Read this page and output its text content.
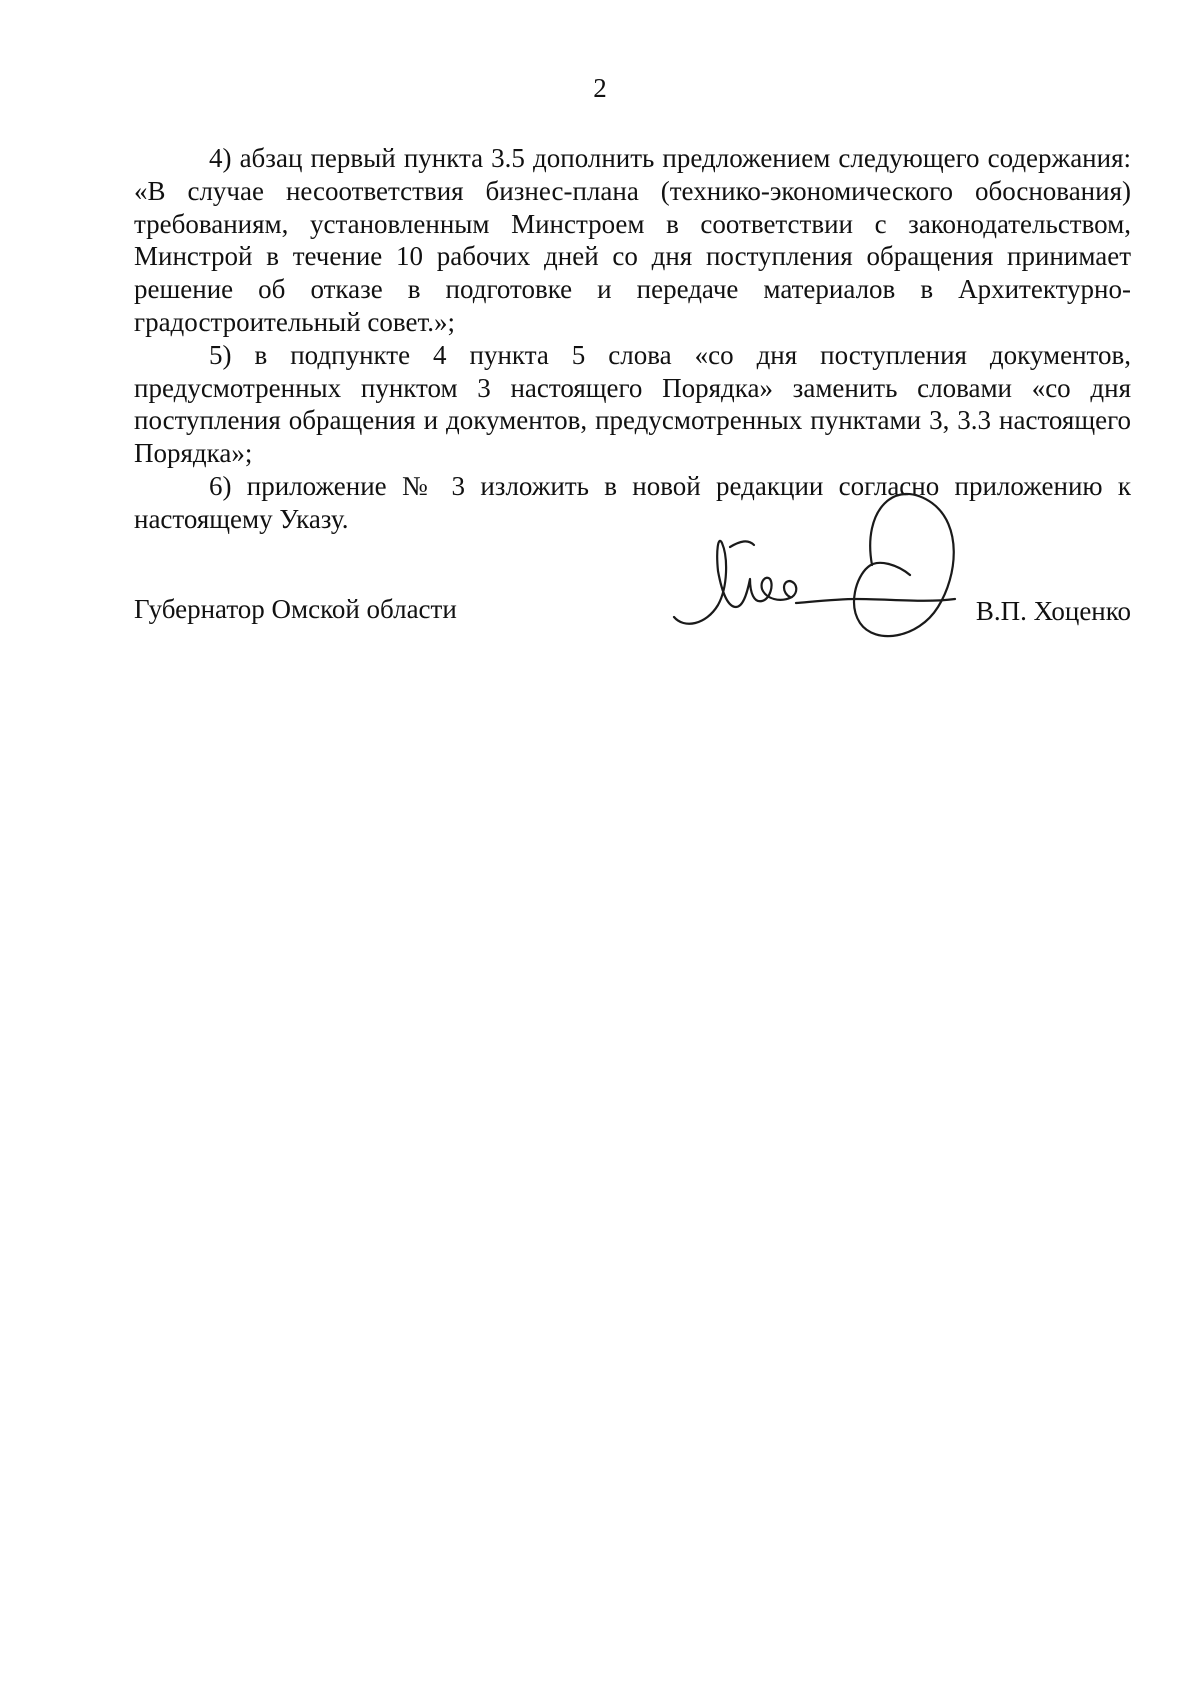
2

4) абзац первый пункта 3.5 дополнить предложением следующего содержания: «В случае несоответствия бизнес-плана (технико-экономического обоснования) требованиям, установленным Минстроем в соответствии с законодательством, Минстрой в течение 10 рабочих дней со дня поступления обращения принимает решение об отказе в подготовке и передаче материалов в Архитектурно-градостроительный совет.»;

5) в подпункте 4 пункта 5 слова «со дня поступления документов, предусмотренных пунктом 3 настоящего Порядка» заменить словами «со дня поступления обращения и документов, предусмотренных пунктами 3, 3.3 настоящего Порядка»;

6) приложение № 3 изложить в новой редакции согласно приложению к настоящему Указу.

Губернатор Омской области	В.П. Хоценко
